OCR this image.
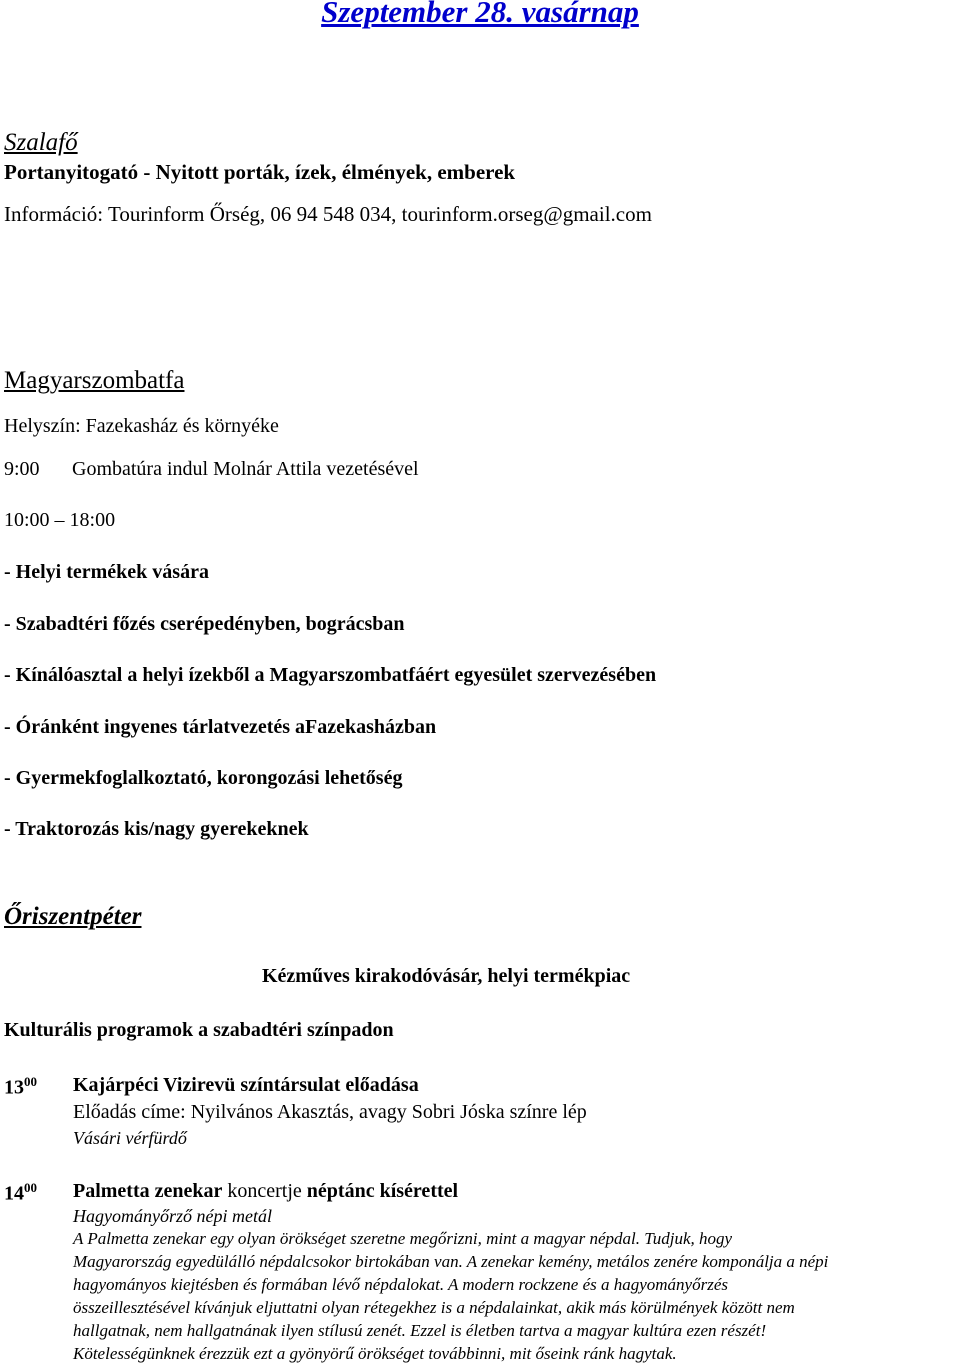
Szeptember 28. vasárnap
Szalafő
Portanyitogató - Nyitott porták, ízek, élmények, emberek
Információ: Tourinform Őrség, 06 94 548 034, tourinform.orseg@gmail.com
Magyarszombatfa
Helyszín: Fazekasház és környéke
9:00 Gombatúra indul Molnár Attila vezetésével
10:00 – 18:00
- Helyi termékek vására
- Szabadtéri főzés cserépedényben, bográcsban
- Kínálóasztal a helyi ízekből a Magyarszombatfáért egyesület szervezésében
- Óránként ingyenes tárlatvezetés aFazekasházban
- Gyermekfoglalkoztató, korongozási lehetőség
- Traktorozás kis/nagy gyerekeknek
Őriszentpéter
Kézműves kirakodóvásár, helyi termékpiac
Kulturális programok a szabadtéri színpadon
$13^{00}$ Kajárpéci Vizirevü színtársulat előadása
Előadás címe: Nyilvános Akasztás, avagy Sobri Jóska színre lép
Vásári vérfürdő
$14^{00}$ Palmetta zenekar koncertje néptánc kísérettel
Hagyományőrző népi metál
A Palmetta zenekar egy olyan örökséget szeretne megőrizni, mint a magyar népdal. Tudjuk, hogy
Magyarország egyedülálló népdalcsokor birtokában van. A zenekar kemény, metálos zenére komponálja a népi
hagyományos kiejtésben és formában lévő népdalokat. A modern rockzene és a hagyományőrzés
összeillesztésével kívánjuk eljuttatni olyan rétegekhez is a népdalainkat, akik más körülmények között nem
hallgatnak, nem hallgatnának ilyen stílusú zenét. Ezzel is életben tartva a magyar kultúra ezen részét!
Kötelességünknek érezzük ezt a gyönyörű örökséget továbbinni, mit őseink ránk hagytak.
